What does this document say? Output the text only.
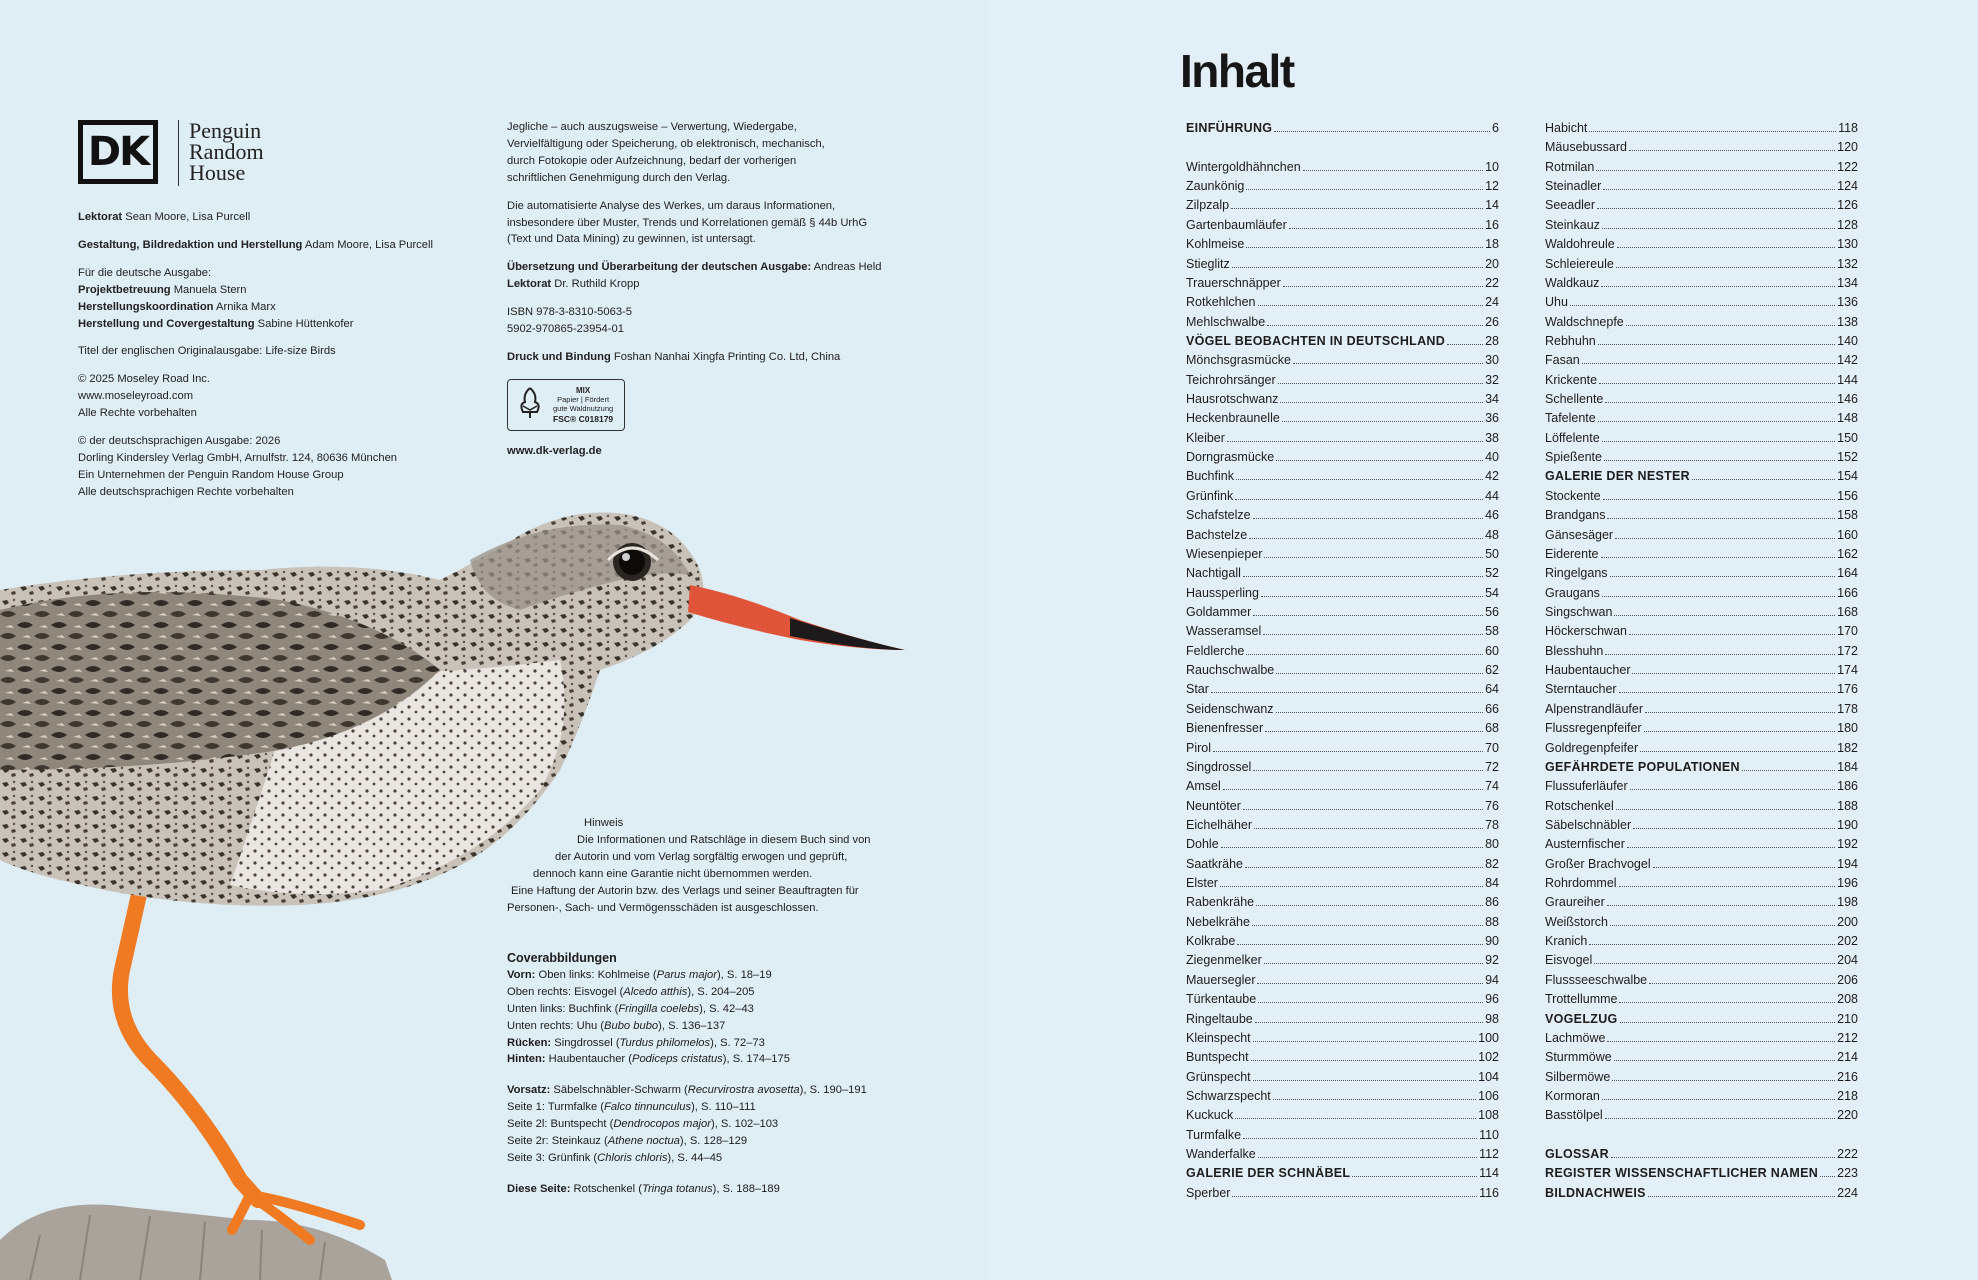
DK	Penguin
Random
House

Lektorat Sean Moore, Lisa Purcell

Gestaltung, Bildredaktion und Herstellung Adam Moore, Lisa Purcell

Für die deutsche Ausgabe:
Projektbetreuung Manuela Stern
Herstellungskoordination Arnika Marx
Herstellung und Covergestaltung Sabine Hüttenkofer

Titel der englischen Originalausgabe: Life-size Birds

© 2025 Moseley Road Inc.
www.moseleyroad.com
Alle Rechte vorbehalten

© der deutschsprachigen Ausgabe: 2026
Dorling Kindersley Verlag GmbH, Arnulfstr. 124, 80636 München
Ein Unternehmen der Penguin Random House Group
Alle deutschsprachigen Rechte vorbehalten

Jegliche – auch auszugsweise – Verwertung, Wiedergabe,
Vervielfältigung oder Speicherung, ob elektronisch, mechanisch,
durch Fotokopie oder Aufzeichnung, bedarf der vorherigen
schriftlichen Genehmigung durch den Verlag.

Die automatisierte Analyse des Werkes, um daraus Informationen,
insbesondere über Muster, Trends und Korrelationen gemäß § 44b UrhG
(Text und Data Mining) zu gewinnen, ist untersagt.

Übersetzung und Überarbeitung der deutschen Ausgabe: Andreas Held
Lektorat Dr. Ruthild Kropp

ISBN 978-3-8310-5063-5
5902-970865-23954-01

Druck und Bindung Foshan Nanhai Xingfa Printing Co. Ltd, China

MIX
Papier | Fördert
gute Waldnutzung
FSC® C018179
www.dk-verlag.de
Hinweis
Die Informationen und Ratschläge in diesem Buch sind von
der Autorin und vom Verlag sorgfältig erwogen und geprüft,
dennoch kann eine Garantie nicht übernommen werden.
Eine Haftung der Autorin bzw. des Verlags und seiner Beauftragten für
Personen-, Sach- und Vermögensschäden ist ausgeschlossen.
Coverabbildungen
Vorn: Oben links: Kohlmeise (Parus major), S. 18–19
Oben rechts: Eisvogel (Alcedo atthis), S. 204–205
Unten links: Buchfink (Fringilla coelebs), S. 42–43
Unten rechts: Uhu (Bubo bubo), S. 136–137
Rücken: Singdrossel (Turdus philomelos), S. 72–73
Hinten: Haubentaucher (Podiceps cristatus), S. 174–175
Vorsatz: Säbelschnäbler-Schwarm (Recurvirostra avosetta), S. 190–191
Seite 1: Turmfalke (Falco tinnunculus), S. 110–111
Seite 2l: Buntspecht (Dendrocopos major), S. 102–103
Seite 2r: Steinkauz (Athene noctua), S. 128–129
Seite 3: Grünfink (Chloris chloris), S. 44–45
Diese Seite: Rotschenkel (Tringa totanus), S. 188–189
Inhalt
EINFÜHRUNG	6
Wintergoldhähnchen	10
Zaunkönig	12
Zilpzalp	14
Gartenbaumläufer	16
Kohlmeise	18
Stieglitz	20
Trauerschnäpper	22
Rotkehlchen	24
Mehlschwalbe	26
VÖGEL BEOBACHTEN IN DEUTSCHLAND	28
Mönchsgrasmücke	30
Teichrohrsänger	32
Hausrotschwanz	34
Heckenbraunelle	36
Kleiber	38
Dorngrasmücke	40
Buchfink	42
Grünfink	44
Schafstelze	46
Bachstelze	48
Wiesenpieper	50
Nachtigall	52
Haussperling	54
Goldammer	56
Wasseramsel	58
Feldlerche	60
Rauchschwalbe	62
Star	64
Seidenschwanz	66
Bienenfresser	68
Pirol	70
Singdrossel	72
Amsel	74
Neuntöter	76
Eichelhäher	78
Dohle	80
Saatkrähe	82
Elster	84
Rabenkrähe	86
Nebelkrähe	88
Kolkrabe	90
Ziegenmelker	92
Mauersegler	94
Türkentaube	96
Ringeltaube	98
Kleinspecht	100
Buntspecht	102
Grünspecht	104
Schwarzspecht	106
Kuckuck	108
Turmfalke	110
Wanderfalke	112
GALERIE DER SCHNÄBEL	114
Sperber	116
Habicht	118
Mäusebussard	120
Rotmilan	122
Steinadler	124
Seeadler	126
Steinkauz	128
Waldohreule	130
Schleiereule	132
Waldkauz	134
Uhu	136
Waldschnepfe	138
Rebhuhn	140
Fasan	142
Krickente	144
Schellente	146
Tafelente	148
Löffelente	150
Spießente	152
GALERIE DER NESTER	154
Stockente	156
Brandgans	158
Gänsesäger	160
Eiderente	162
Ringelgans	164
Graugans	166
Singschwan	168
Höckerschwan	170
Blesshuhn	172
Haubentaucher	174
Sterntaucher	176
Alpenstrandläufer	178
Flussregenpfeifer	180
Goldregenpfeifer	182
GEFÄHRDETE POPULATIONEN	184
Flussuferläufer	186
Rotschenkel	188
Säbelschnäbler	190
Austernfischer	192
Großer Brachvogel	194
Rohrdommel	196
Graureiher	198
Weißstorch	200
Kranich	202
Eisvogel	204
Flussseeschwalbe	206
Trottellumme	208
VOGELZUG	210
Lachmöwe	212
Sturmmöwe	214
Silbermöwe	216
Kormoran	218
Basstölpel	220
GLOSSAR	222
REGISTER WISSENSCHAFTLICHER NAMEN 223
BILDNACHWEIS	224
